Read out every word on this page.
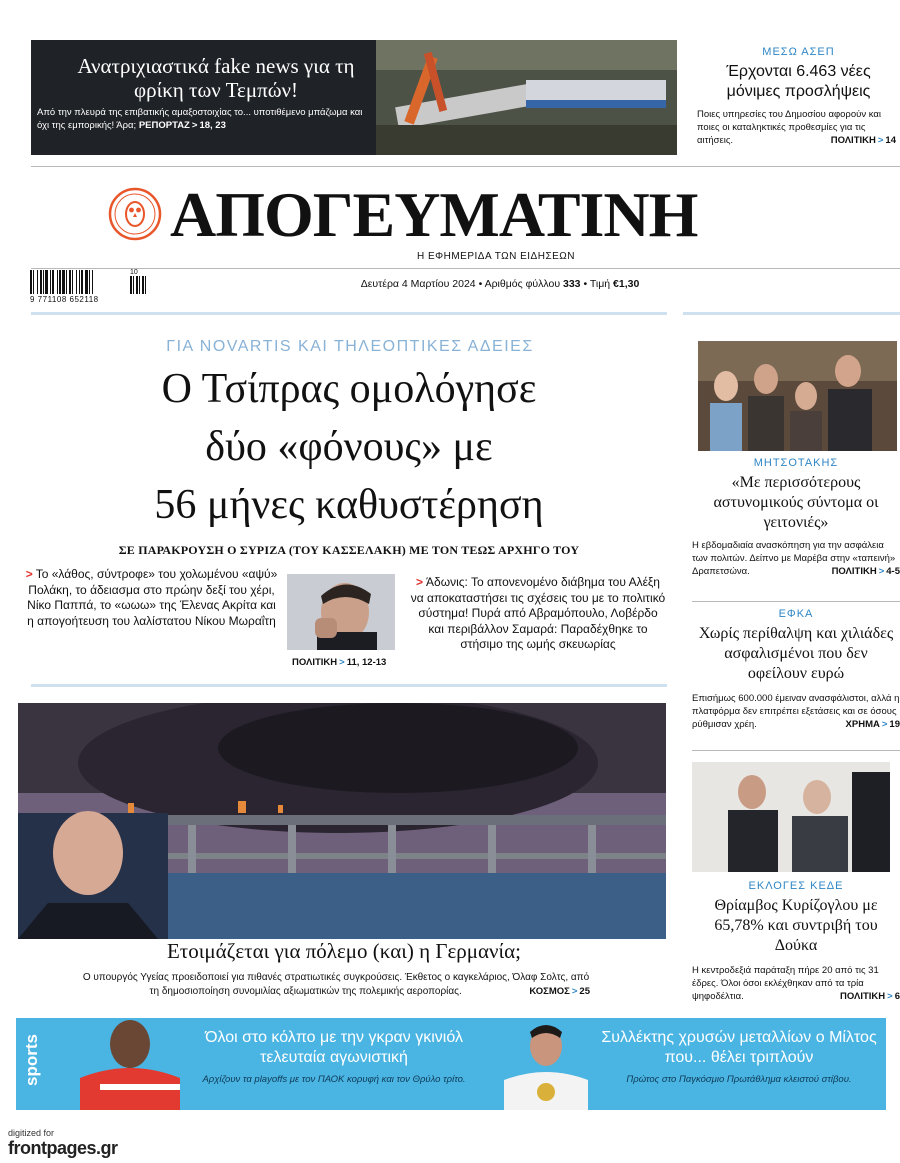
Ανατριχιαστικά fake news για τη φρίκη των Τεμπών!
Από την πλευρά της επιβατικής αμαξοστοιχίας το... υποτιθέμενο μπάζωμα και όχι της εμπορικής! Άρα; ΡΕΠΟΡΤΑΖ > 18, 23
ΜΕΣΩ ΑΣΕΠ
Έρχονται 6.463 νέες μόνιμες προσλήψεις
Ποιες υπηρεσίες του Δημοσίου αφορούν και ποιες οι καταληκτικές προθεσμίες για τις αιτήσεις.	ΠΟΛΙΤΙΚΗ > 14
ΑΠΟΓΕΥΜΑΤΙΝΗ
Η ΕΦΗΜΕΡΙΔΑ ΤΩΝ ΕΙΔΗΣΕΩΝ
9 771108 652118
10
Δευτέρα 4 Μαρτίου 2024 • Αριθμός φύλλου 333 • Τιμή €1,30
ΓΙΑ NOVARTIS ΚΑΙ ΤΗΛΕΟΠΤΙΚΕΣ ΑΔΕΙΕΣ
Ο Τσίπρας ομολόγησε
δύο «φόνους» με
56 μήνες καθυστέρηση
ΣΕ ΠΑΡΑΚΡΟΥΣΗ Ο ΣΥΡΙΖΑ (ΤΟΥ ΚΑΣΣΕΛΑΚΗ) ΜΕ ΤΟΝ ΤΕΩΣ ΑΡΧΗΓΟ ΤΟΥ
> Το «λάθος, σύντροφε» του χολωμένου «αψύ» Πολάκη, το άδειασμα στο πρώην δεξί του χέρι, Νίκο Παππά, το «ωωω» της Έλενας Ακρίτα και η απογοήτευση του λαλίστατου Νίκου Μωραΐτη
ΠΟΛΙΤΙΚΗ > 11, 12-13
> Άδωνις: Το απονενομένο διάβημα του Αλέξη να αποκαταστήσει τις σχέσεις του με το πολιτικό σύστημα! Πυρά από Αβραμόπουλο, Λοβέρδο και περιβάλλον Σαμαρά: Παραδέχθηκε το στήσιμο της ωμής σκευωρίας
Ετοιμάζεται για πόλεμο (και) η Γερμανία;
Ο υπουργός Υγείας προειδοποιεί για πιθανές στρατιωτικές συγκρούσεις. Έκθετος ο καγκελάριος, Όλαφ Σολτς, από τη δημοσιοποίηση συνομιλίας αξιωματικών της πολεμικής αεροπορίας.	ΚΟΣΜΟΣ > 25
ΜΗΤΣΟΤΑΚΗΣ
«Με περισσότερους αστυνομικούς σύντομα οι γειτονιές»
Η εβδομαδιαία ανασκόπηση για την ασφάλεια των πολιτών. Δείπνο με Μαρέβα στην «ταπεινή» Δραπετσώνα.	ΠΟΛΙΤΙΚΗ > 4-5
ΕΦΚΑ
Χωρίς περίθαλψη και χιλιάδες ασφαλισμένοι που δεν οφείλουν ευρώ
Επισήμως 600.000 έμειναν ανασφάλιστοι, αλλά η πλατφόρμα δεν επιτρέπει εξετάσεις και σε όσους ρύθμισαν χρέη.	ΧΡΗΜΑ > 19
ΕΚΛΟΓΕΣ ΚΕΔΕ
Θρίαμβος Κυρίζογλου με 65,78% και συντριβή του Δούκα
Η κεντροδεξιά παράταξη πήρε 20 από τις 31 έδρες. Όλοι όσοι εκλέχθηκαν από τα τρία ψηφοδέλτια.	ΠΟΛΙΤΙΚΗ > 6
sports	Όλοι στο κόλπο με την γκραν γκινιόλ τελευταία αγωνιστική
Αρχίζουν τα playoffs με τον ΠΑΟΚ κορυφή και τον Θρύλο τρίτο.
Συλλέκτης χρυσών μεταλλίων ο Μίλτος που... θέλει τριπλούν
Πρώτος στο Παγκόσμιο Πρωτάθλημα κλειστού στίβου.
digitized for
frontpages.gr
